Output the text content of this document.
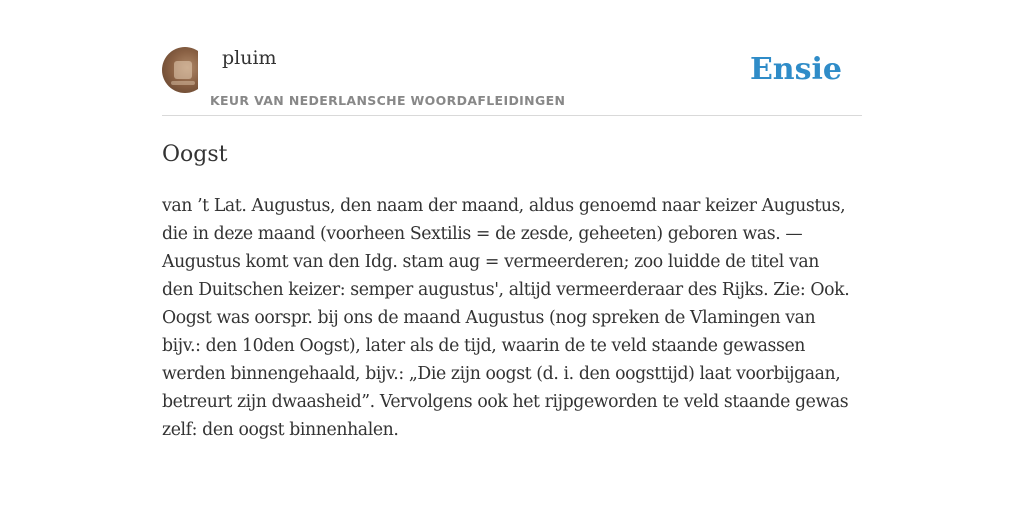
pluim
KEUR VAN NEDERLANSCHE WOORDAFLEIDINGEN
Ensie
Oogst
van ’t Lat. Augustus, den naam der maand, aldus genoemd naar keizer Augustus,
die in deze maand (voorheen Sextilis = de zesde, geheeten) geboren was. —
Augustus komt van den Idg. stam aug = vermeerderen; zoo luidde de titel van
den Duitschen keizer: semper augustus', altijd vermeerderaar des Rijks. Zie: Ook.
Oogst was oorspr. bij ons de maand Augustus (nog spreken de Vlamingen van
bijv.: den 10den Oogst), later als de tijd, waarin de te veld staande gewassen
werden binnengehaald, bijv.: „Die zijn oogst (d. i. den oogsttijd) laat voorbijgaan,
betreurt zijn dwaasheid”. Vervolgens ook het rijpgeworden te veld staande gewas
zelf: den oogst binnenhalen.
